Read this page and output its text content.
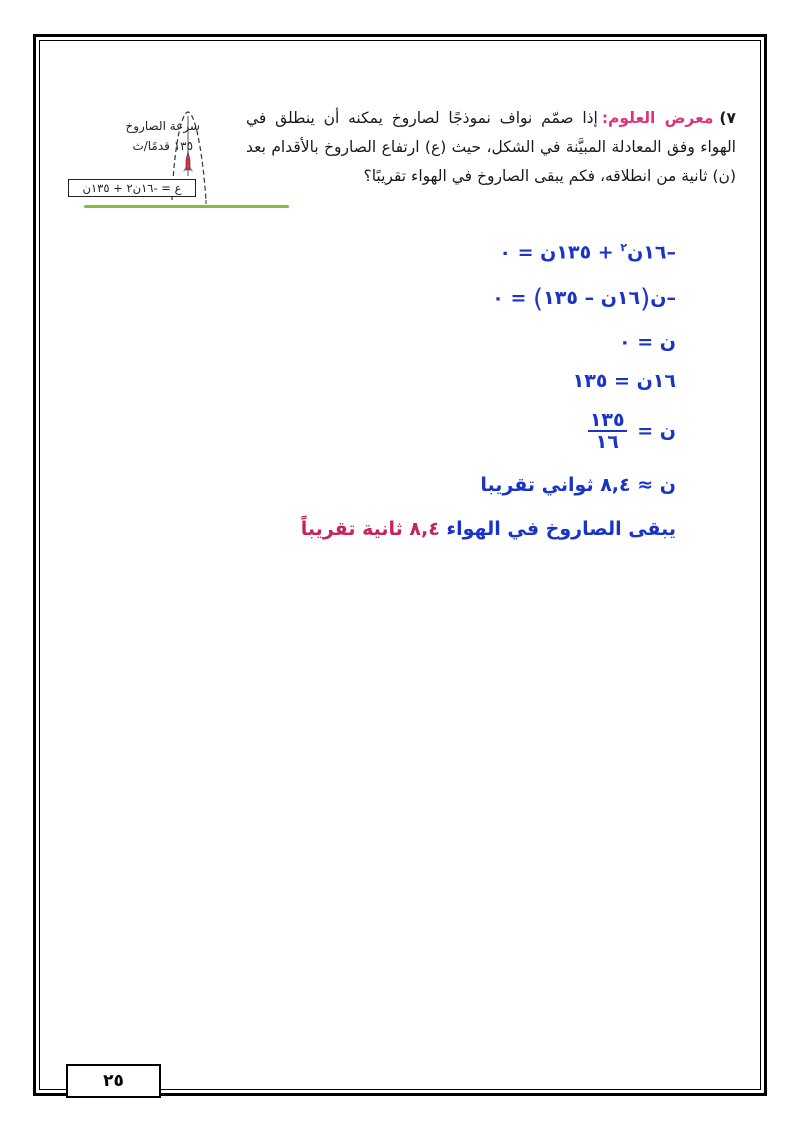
٧)معرض العلوم:إذا صمّم نواف نموذجًا لصاروخ يمكنه أن ينطلق في الهواء وفق المعادلة المبيَّنة في الشكل، حيث (ع) ارتفاع الصاروخ بالأقدام بعد (ن) ثانية من انطلاقه، فكم يبقى الصاروخ في الهواء تقريبًا؟
سرعة الصاروخ
١٣٥ قدمًا/ث
ع = -١٦ن٢ + ١٣٥ن
–١٦ن$^٢$ + ١٣٥ن = ٠
–ن(١٦ن – ١٣٥) = ٠
ن = ٠
١٦ن = ١٣٥
ن =
$\frac{١٣٥}{١٦}$
ن ≈ ٨,٤ ثواني تقريبا
يبقى الصاروخ في الهواء ٨,٤ ثانية تقريباً
٢٥
